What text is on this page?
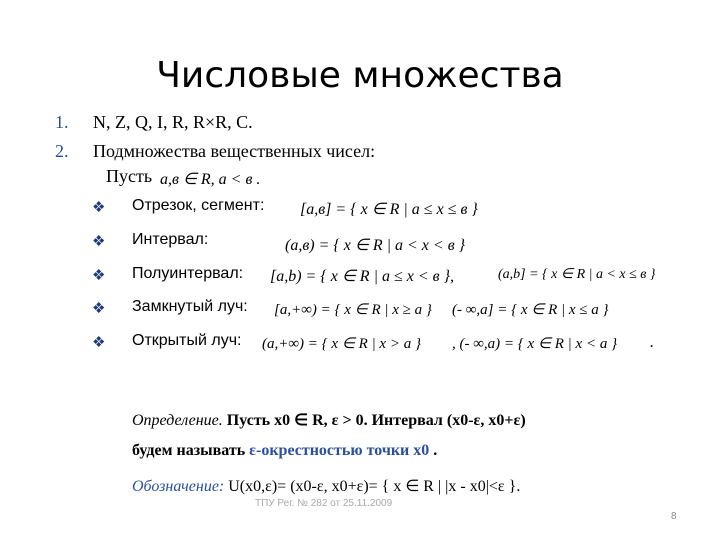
Числовые множества
1. N, Z, Q, I, R, R×R, C.
2. Подмножества вещественных чисел:
Пусть a,в ∈ R, a < в .
❖ Отрезок, сегмент: [a,в] = { x ∈ R | a ≤ x ≤ в }
❖ Интервал:	(a,в) = { x ∈ R | a < x < в }
❖ Полуинтервал: [a,b) = { x ∈ R | a ≤ x < в },	(a,b] = { x ∈ R | a < x ≤ в }
❖ Замкнутый луч: [a,+∞) = { x ∈ R | x ≥ a } (- ∞,a] = { x ∈ R | x ≤ a }
❖ Открытый луч: (a,+∞) = { x ∈ R | x > a } , (- ∞,a) = { x ∈ R | x < a } .
Определение. Пусть x0 ∈ R, ε > 0. Интервал (x0-ε, x0+ε)
будем называть ε-окрестностью точки x0 .
Обозначение: U(x0,ε)= (x0-ε, x0+ε)= { x ∈ R | |x - x0|<ε }.
ТПУ Рег. № 282 от 25.11.2009
8
